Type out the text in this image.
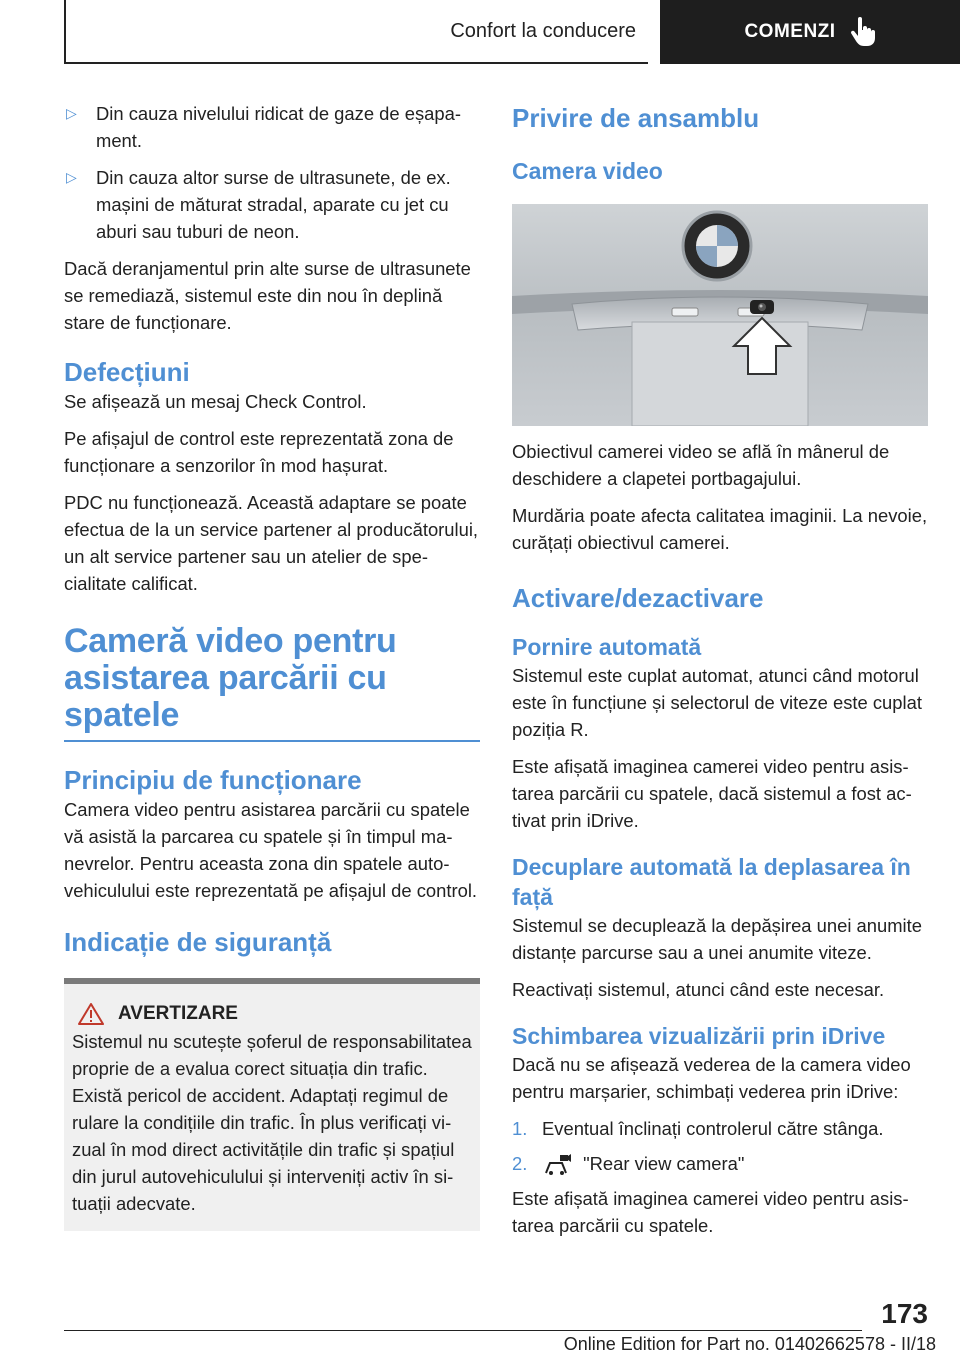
Confort la conducere	COMENZI
▷	Din cauza nivelului ridicat de gaze de eșapament.
▷	Din cauza altor surse de ultrasunete, de ex. mașini de măturat stradal, aparate cu jet cu aburi sau tuburi de neon.

Dacă deranjamentul prin alte surse de ultrasunete se remediază, sistemul este din nou în deplină stare de funcționare.

Defecțiuni

Se afișează un mesaj Check Control.

Pe afișajul de control este reprezentată zona de funcționare a senzorilor în mod hașurat.

PDC nu funcționează. Această adaptare se poate efectua de la un service partener al producătorului, un alt service partener sau un atelier de specialitate calificat.

Cameră video pentru asistarea parcării cu spatele
Principiu de funcționare

Camera video pentru asistarea parcării cu spatele vă asistă la parcarea cu spatele și în timpul manevrelor. Pentru aceasta zona din spatele autovehiculului este reprezentată pe afișajul de control.

Indicație de siguranță
AVERTIZARE

Sistemul nu scutește șoferul de responsabilitatea proprie de a evalua corect situația din trafic. Există pericol de accident. Adaptați regimul de rulare la condițiile din trafic. În plus verificați vizual în mod direct activitățile din trafic și spațiul din jurul autovehiculului și interveniți activ în situații adecvate.

Privire de ansamblu
Camera video

Obiectivul camerei video se află în mânerul de deschidere a clapetei portbagajului.

Murdăria poate afecta calitatea imaginii. La nevoie, curățați obiectivul camerei.

Activare/dezactivare
Pornire automată

Sistemul este cuplat automat, atunci când motorul este în funcțiune și selectorul de viteze este cuplat poziția R.

Este afișată imaginea camerei video pentru asistarea parcării cu spatele, dacă sistemul a fost activat prin iDrive.

Decuplare automată la deplasarea în față

Sistemul se decuplează la depășirea unei anumite distanțe parcurse sau a unei anumite viteze.

Reactivați sistemul, atunci când este necesar.

Schimbarea vizualizării prin iDrive

Dacă nu se afișează vederea de la camera video pentru marșarier, schimbați vederea prin iDrive:

1. Eventual înclinați controlerul către stânga.
2.	"Rear view camera"

Este afișată imaginea camerei video pentru asistarea parcării cu spatele.

173
Online Edition for Part no. 01402662578 - II/18
